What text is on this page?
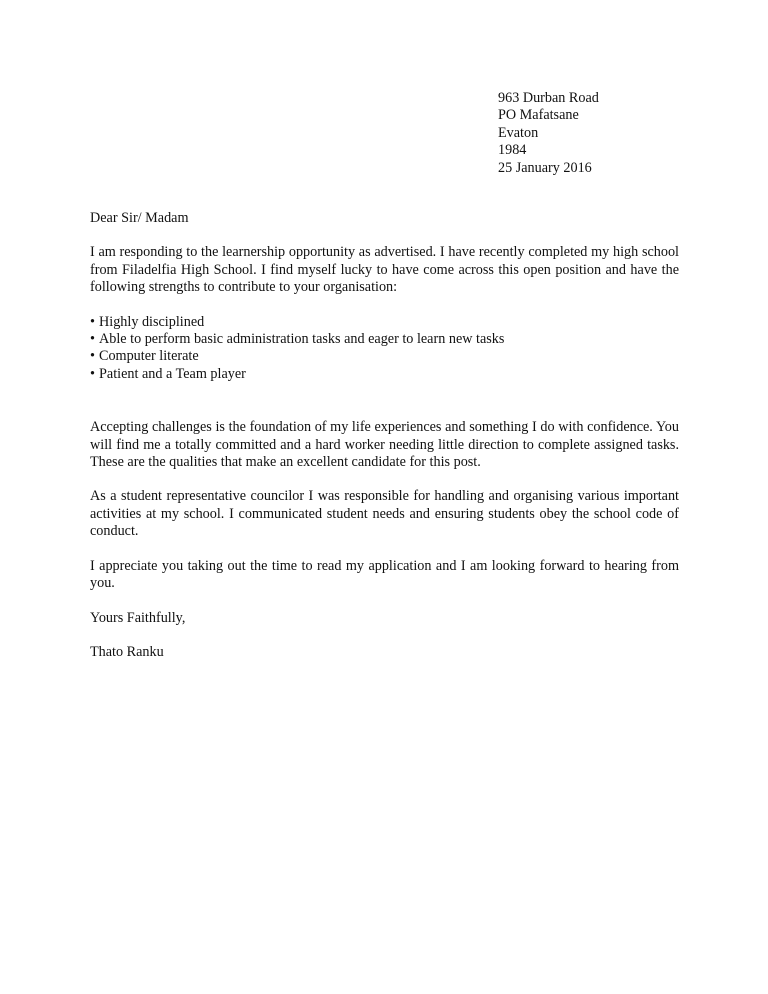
963 Durban Road
PO Mafatsane
Evaton
1984
25 January 2016

Dear Sir/ Madam

I am responding to the learnership opportunity as advertised. I have recently completed my high school from Filadelfia High School. I find myself lucky to have come across this open position and have the following strengths to contribute to your organisation:

• Highly disciplined
• Able to perform basic administration tasks and eager to learn new tasks
• Computer literate
• Patient and a Team player

Accepting challenges is the foundation of my life experiences and something I do with confidence. You will find me a totally committed and a hard worker needing little direction to complete assigned tasks. These are the qualities that make an excellent candidate for this post.

As a student representative councilor I was responsible for handling and organising various important activities at my school. I communicated student needs and ensuring students obey the school code of conduct.

I appreciate you taking out the time to read my application and I am looking forward to hearing from you.

Yours Faithfully,

Thato Ranku
